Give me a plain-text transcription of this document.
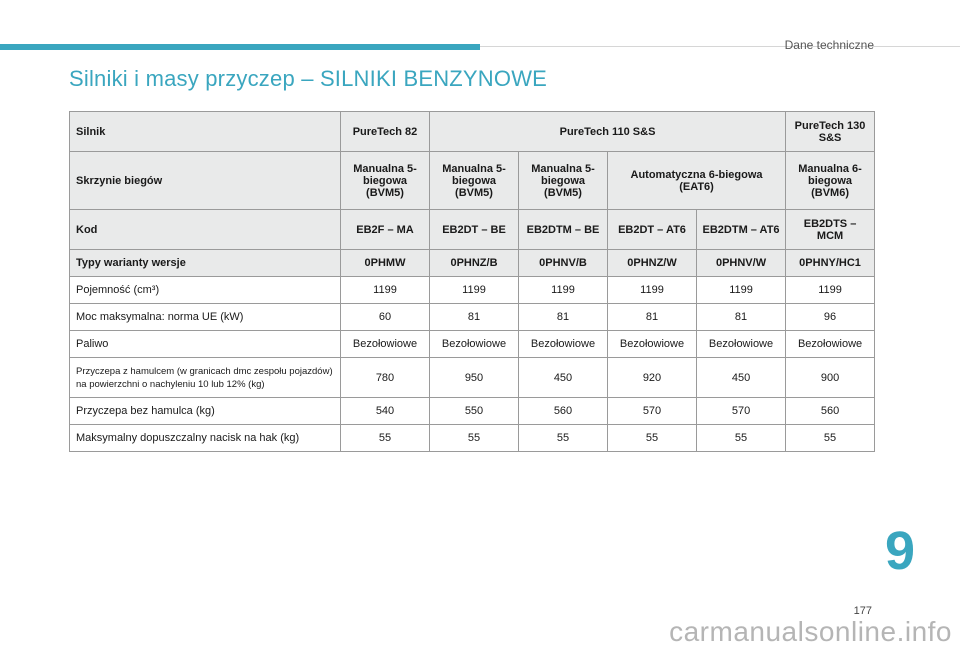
Dane techniczne
Silniki i masy przyczep – SILNIKI BENZYNOWE
Silnik	PureTech 82	PureTech 110 S&S				PureTech 130 S&S
Skrzynie biegów	Manualna 5-biegowa (BVM5)	Manualna 5-biegowa (BVM5)	Manualna 5-biegowa (BVM5)	Automatyczna 6-biegowa (EAT6)		Manualna 6-biegowa (BVM6)
Kod	EB2F – MA	EB2DT – BE	EB2DTM – BE	EB2DT – AT6	EB2DTM – AT6	EB2DTS – MCM
Typy warianty wersje	0PHMW	0PHNZ/B	0PHNV/B	0PHNZ/W	0PHNV/W	0PHNY/HC1
Pojemność (cm³)	1199	1199	1199	1199	1199	1199
Moc maksymalna: norma UE (kW)	60	81	81	81	81	96
Paliwo	Bezołowiowe	Bezołowiowe	Bezołowiowe	Bezołowiowe	Bezołowiowe	Bezołowiowe
Przyczepa z hamulcem (w granicach dmc zespołu pojazdów) na powierzchni o nachyleniu 10 lub 12% (kg)	780	950	450	920	450	900
Przyczepa bez hamulca (kg)	540	550	560	570	570	560
Maksymalny dopuszczalny nacisk na hak (kg)	55	55	55	55	55	55
9
177
carmanualsonline.info
